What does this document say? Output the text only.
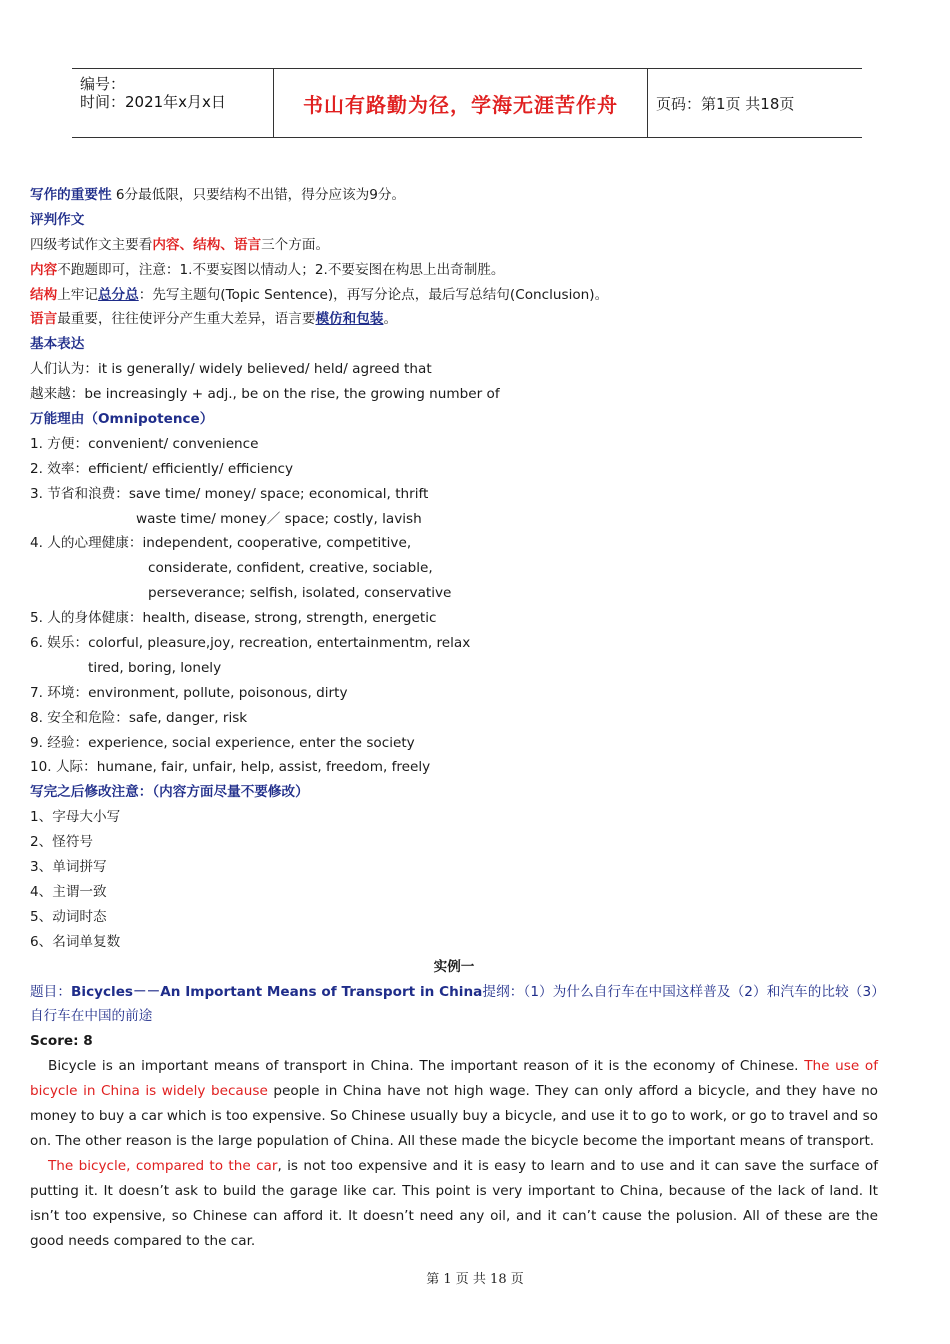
编号：
时间：2021年x月x日	书山有路勤为径，学海无涯苦作舟	页码：第1页 共18页
写作的重要性 6分最低限，只要结构不出错，得分应该为9分。
评判作文
四级考试作文主要看内容、结构、语言三个方面。
内容不跑题即可，注意：1.不要妄图以情动人；2.不要妄图在构思上出奇制胜。
结构上牢记总分总：先写主题句(Topic Sentence)，再写分论点，最后写总结句(Conclusion)。
语言最重要，往往使评分产生重大差异，语言要模仿和包装。
基本表达
人们认为：it is generally/ widely believed/ held/ agreed that
越来越：be increasingly + adj., be on the rise, the growing number of
万能理由（Omnipotence）
1. 方便：convenient/ convenience
2. 效率：efficient/ efficiently/ efficiency
3. 节省和浪费：save time/ money/ space; economical, thrift
waste time/ money／ space; costly, lavish
4. 人的心理健康：independent, cooperative, competitive,
considerate, confident, creative, sociable,
perseverance; selfish, isolated, conservative
5. 人的身体健康：health, disease, strong, strength, energetic
6. 娱乐：colorful, pleasure,joy, recreation, entertainmentm, relax
tired, boring, lonely
7. 环境：environment, pollute, poisonous, dirty
8. 安全和危险：safe, danger, risk
9. 经验：experience, social experience, enter the society
10. 人际：humane, fair, unfair, help, assist, freedom, freely
写完之后修改注意：（内容方面尽量不要修改）
1、字母大小写
2、怪符号
3、单词拼写
4、主谓一致
5、动词时态
6、名词单复数
实例一
题目：Bicycles－－An Important Means of Transport in China提纲：（1）为什么自行车在中国这样普及（2）和汽车的比较（3）自行车在中国的前途
Score: 8
Bicycle is an important means of transport in China. The important reason of it is the economy of Chinese. The use of bicycle in China is widely because people in China have not high wage. They can only afford a bicycle, and they have no money to buy a car which is too expensive. So Chinese usually buy a bicycle, and use it to go to work, or go to travel and so on. The other reason is the large population of China. All these made the bicycle become the important means of transport.
The bicycle, compared to the car, is not too expensive and it is easy to learn and to use and it can save the surface of putting it. It doesn’t ask to build the garage like car. This point is very important to China, because of the lack of land. It isn’t too expensive, so Chinese can afford it. It doesn’t need any oil, and it can’t cause the polusion. All of these are the good needs compared to the car.
第 1 页 共 18 页
